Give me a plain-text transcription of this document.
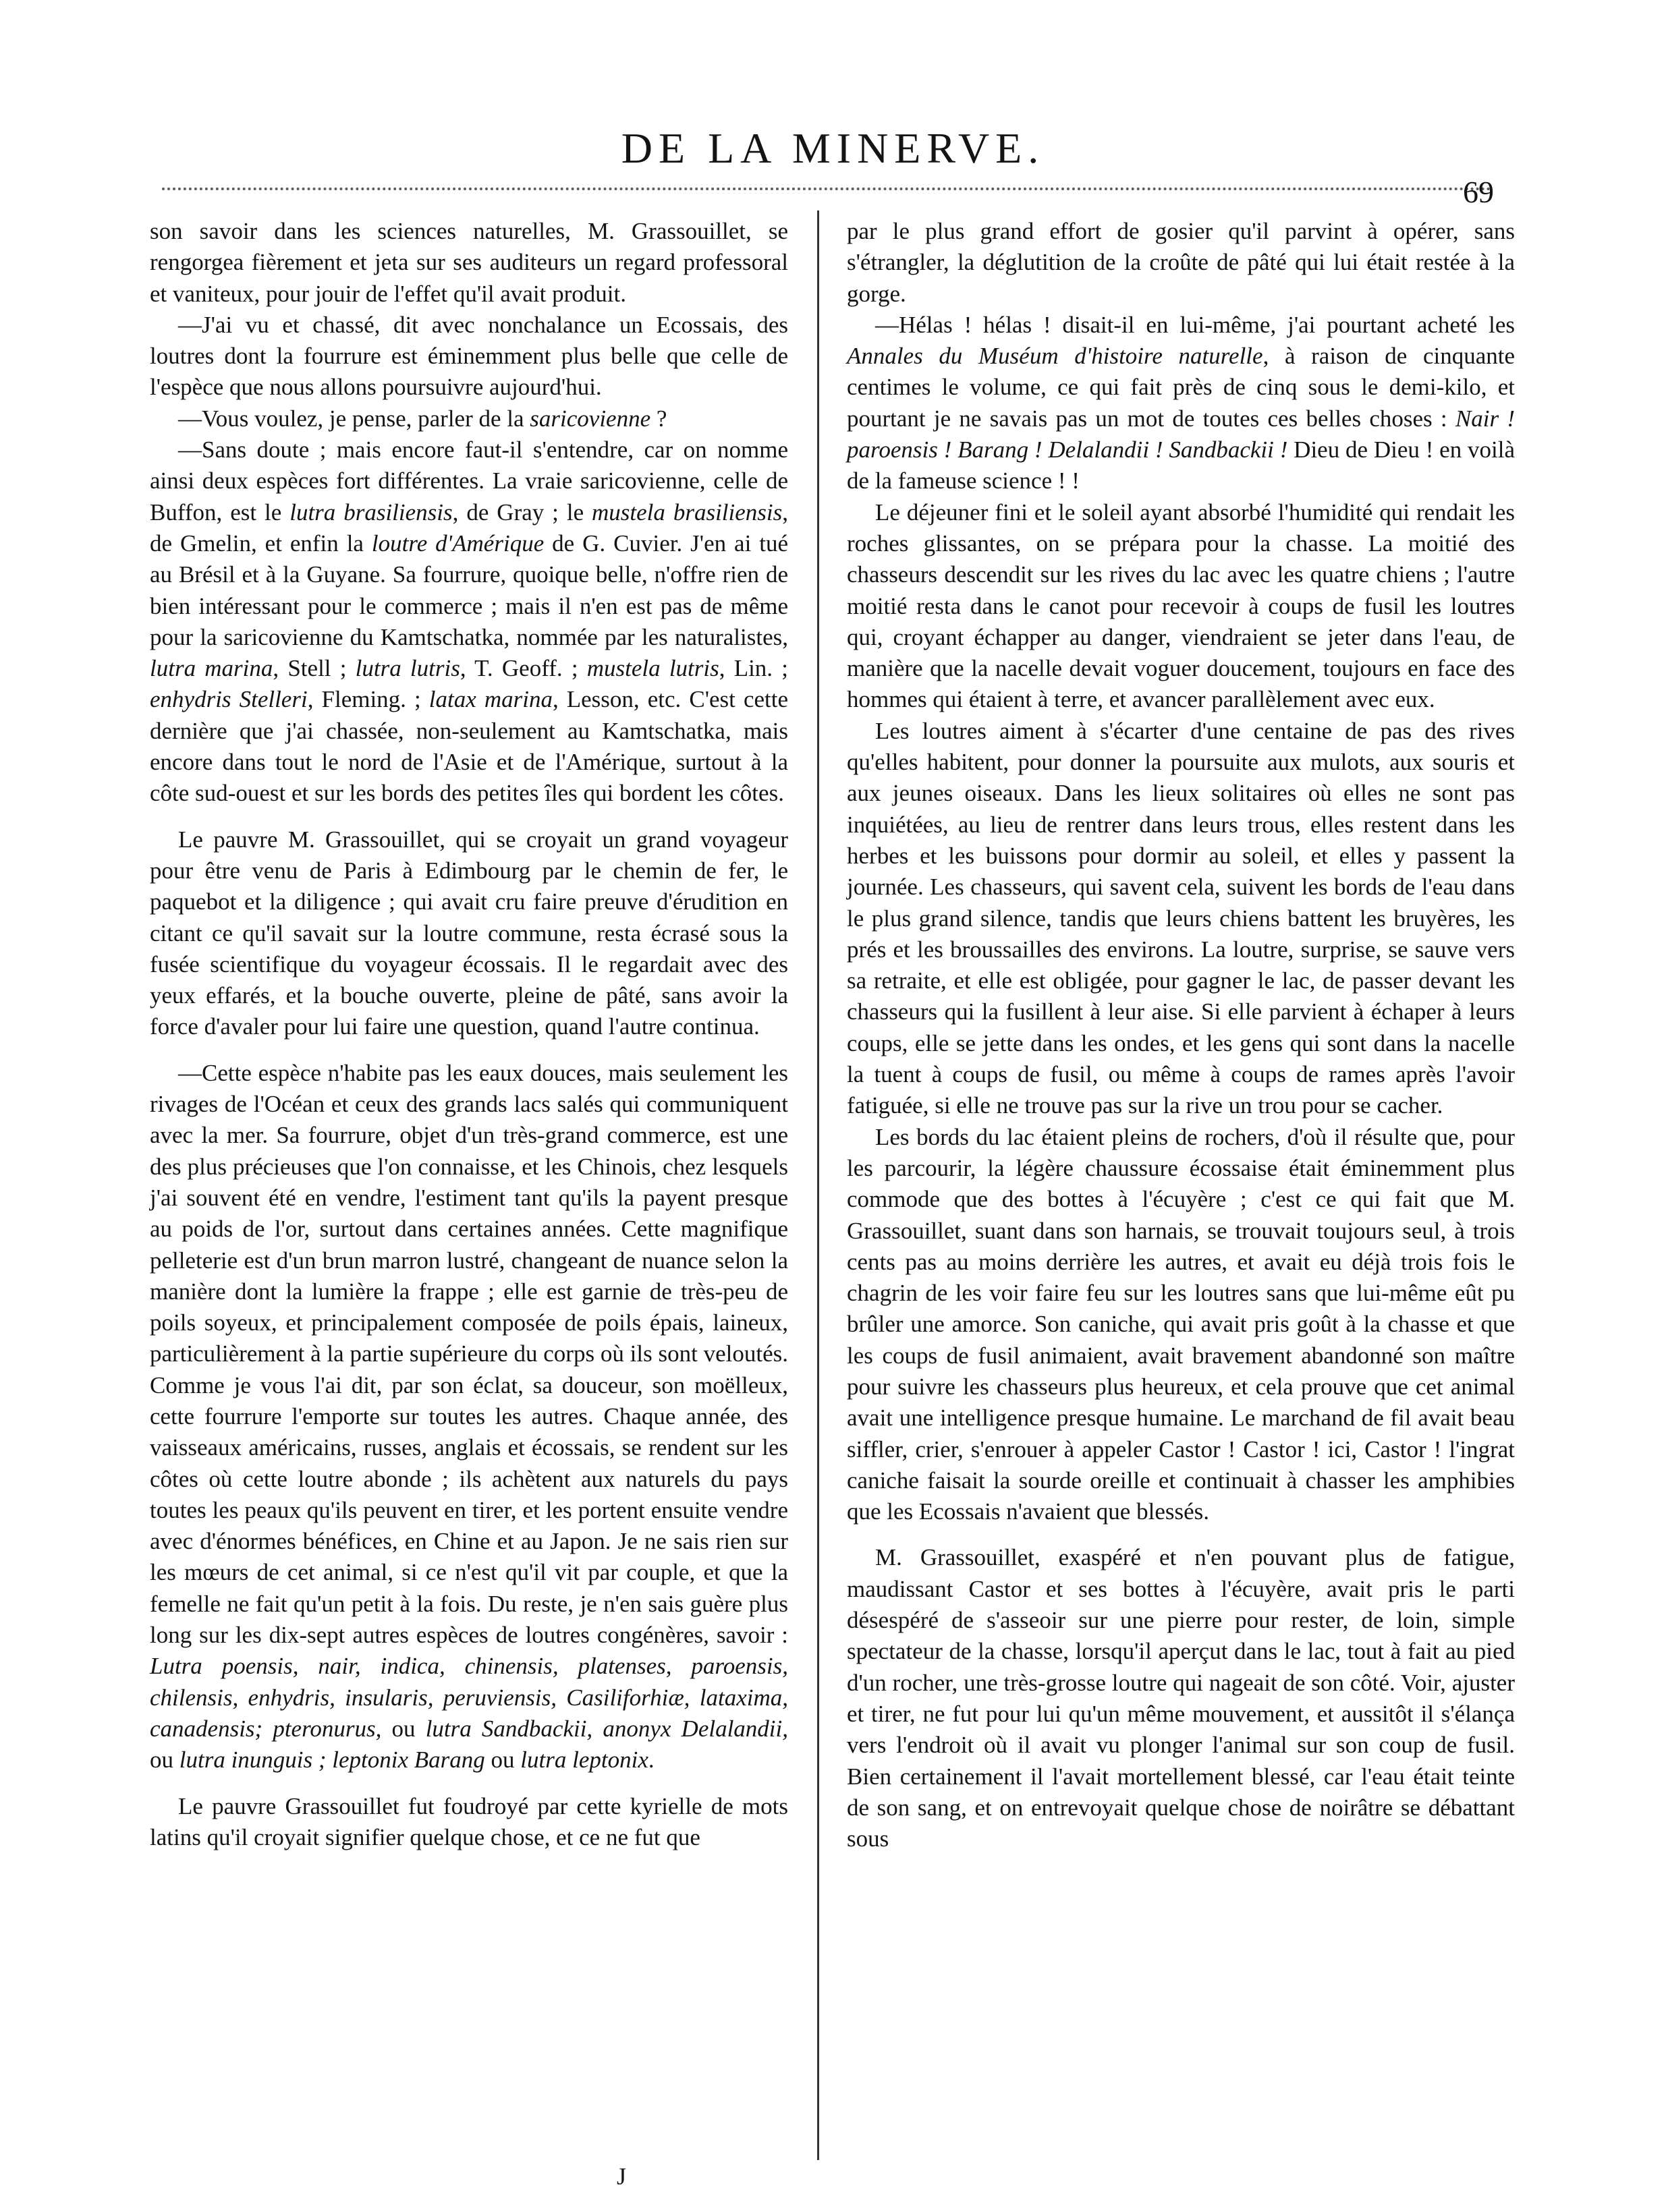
DE LA MINERVE.
69

son savoir dans les sciences naturelles, M. Grassouillet, se rengorgea fièrement et jeta sur ses auditeurs un regard professoral et vaniteux, pour jouir de l'effet qu'il avait produit.

—J'ai vu et chassé, dit avec nonchalance un Ecossais, des loutres dont la fourrure est éminemment plus belle que celle de l'espèce que nous allons poursuivre aujourd'hui.

—Vous voulez, je pense, parler de la saricovienne ?

—Sans doute ; mais encore faut-il s'entendre, car on nomme ainsi deux espèces fort différentes. La vraie saricovienne, celle de Buffon, est le lutra brasiliensis, de Gray ; le mustela brasiliensis, de Gmelin, et enfin la loutre d'Amérique de G. Cuvier. J'en ai tué au Brésil et à la Guyane. Sa fourrure, quoique belle, n'offre rien de bien intéressant pour le commerce ; mais il n'en est pas de même pour la saricovienne du Kamtschatka, nommée par les naturalistes, lutra marina, Stell ; lutra lutris, T. Geoff. ; mustela lutris, Lin. ; enhydris Stelleri, Fleming. ; latax marina, Lesson, etc. C'est cette dernière que j'ai chassée, non-seulement au Kamtschatka, mais encore dans tout le nord de l'Asie et de l'Amérique, surtout à la côte sud-ouest et sur les bords des petites îles qui bordent les côtes.

Le pauvre M. Grassouillet, qui se croyait un grand voyageur pour être venu de Paris à Edimbourg par le chemin de fer, le paquebot et la diligence ; qui avait cru faire preuve d'érudition en citant ce qu'il savait sur la loutre commune, resta écrasé sous la fusée scientifique du voyageur écossais. Il le regardait avec des yeux effarés, et la bouche ouverte, pleine de pâté, sans avoir la force d'avaler pour lui faire une question, quand l'autre continua.

—Cette espèce n'habite pas les eaux douces, mais seulement les rivages de l'Océan et ceux des grands lacs salés qui communiquent avec la mer. Sa fourrure, objet d'un très-grand commerce, est une des plus précieuses que l'on connaisse, et les Chinois, chez lesquels j'ai souvent été en vendre, l'estiment tant qu'ils la payent presque au poids de l'or, surtout dans certaines années. Cette magnifique pelleterie est d'un brun marron lustré, changeant de nuance selon la manière dont la lumière la frappe ; elle est garnie de très-peu de poils soyeux, et principalement composée de poils épais, laineux, particulièrement à la partie supérieure du corps où ils sont veloutés. Comme je vous l'ai dit, par son éclat, sa douceur, son moëlleux, cette fourrure l'emporte sur toutes les autres. Chaque année, des vaisseaux américains, russes, anglais et écossais, se rendent sur les côtes où cette loutre abonde ; ils achètent aux naturels du pays toutes les peaux qu'ils peuvent en tirer, et les portent ensuite vendre avec d'énormes bénéfices, en Chine et au Japon. Je ne sais rien sur les mœurs de cet animal, si ce n'est qu'il vit par couple, et que la femelle ne fait qu'un petit à la fois. Du reste, je n'en sais guère plus long sur les dix-sept autres espèces de loutres congénères, savoir : Lutra poensis, nair, indica, chinensis, platenses, paroensis, chilensis, enhydris, insularis, peruviensis, Casiliforhiæ, lataxima, canadensis; pteronurus, ou lutra Sandbackii, anonyx Delalandii, ou lutra inunguis ; leptonix Barang ou lutra leptonix.

Le pauvre Grassouillet fut foudroyé par cette kyrielle de mots latins qu'il croyait signifier quelque chose, et ce ne fut que

par le plus grand effort de gosier qu'il parvint à opérer, sans s'étrangler, la déglutition de la croûte de pâté qui lui était restée à la gorge.

—Hélas ! hélas ! disait-il en lui-même, j'ai pourtant acheté les Annales du Muséum d'histoire naturelle, à raison de cinquante centimes le volume, ce qui fait près de cinq sous le demi-kilo, et pourtant je ne savais pas un mot de toutes ces belles choses : Nair ! paroensis ! Barang ! Delalandii ! Sandbackii ! Dieu de Dieu ! en voilà de la fameuse science ! !

Le déjeuner fini et le soleil ayant absorbé l'humidité qui rendait les roches glissantes, on se prépara pour la chasse. La moitié des chasseurs descendit sur les rives du lac avec les quatre chiens ; l'autre moitié resta dans le canot pour recevoir à coups de fusil les loutres qui, croyant échapper au danger, viendraient se jeter dans l'eau, de manière que la nacelle devait voguer doucement, toujours en face des hommes qui étaient à terre, et avancer parallèlement avec eux.

Les loutres aiment à s'écarter d'une centaine de pas des rives qu'elles habitent, pour donner la poursuite aux mulots, aux souris et aux jeunes oiseaux. Dans les lieux solitaires où elles ne sont pas inquiétées, au lieu de rentrer dans leurs trous, elles restent dans les herbes et les buissons pour dormir au soleil, et elles y passent la journée. Les chasseurs, qui savent cela, suivent les bords de l'eau dans le plus grand silence, tandis que leurs chiens battent les bruyères, les prés et les broussailles des environs. La loutre, surprise, se sauve vers sa retraite, et elle est obligée, pour gagner le lac, de passer devant les chasseurs qui la fusillent à leur aise. Si elle parvient à échaper à leurs coups, elle se jette dans les ondes, et les gens qui sont dans la nacelle la tuent à coups de fusil, ou même à coups de rames après l'avoir fatiguée, si elle ne trouve pas sur la rive un trou pour se cacher.

Les bords du lac étaient pleins de rochers, d'où il résulte que, pour les parcourir, la légère chaussure écossaise était éminemment plus commode que des bottes à l'écuyère ; c'est ce qui fait que M. Grassouillet, suant dans son harnais, se trouvait toujours seul, à trois cents pas au moins derrière les autres, et avait eu déjà trois fois le chagrin de les voir faire feu sur les loutres sans que lui-même eût pu brûler une amorce. Son caniche, qui avait pris goût à la chasse et que les coups de fusil animaient, avait bravement abandonné son maître pour suivre les chasseurs plus heureux, et cela prouve que cet animal avait une intelligence presque humaine. Le marchand de fil avait beau siffler, crier, s'enrouer à appeler Castor ! Castor ! ici, Castor ! l'ingrat caniche faisait la sourde oreille et continuait à chasser les amphibies que les Ecossais n'avaient que blessés.

M. Grassouillet, exaspéré et n'en pouvant plus de fatigue, maudissant Castor et ses bottes à l'écuyère, avait pris le parti désespéré de s'asseoir sur une pierre pour rester, de loin, simple spectateur de la chasse, lorsqu'il aperçut dans le lac, tout à fait au pied d'un rocher, une très-grosse loutre qui nageait de son côté. Voir, ajuster et tirer, ne fut pour lui qu'un même mouvement, et aussitôt il s'élança vers l'endroit où il avait vu plonger l'animal sur son coup de fusil. Bien certainement il l'avait mortellement blessé, car l'eau était teinte de son sang, et on entrevoyait quelque chose de noirâtre se débattant sous

J
